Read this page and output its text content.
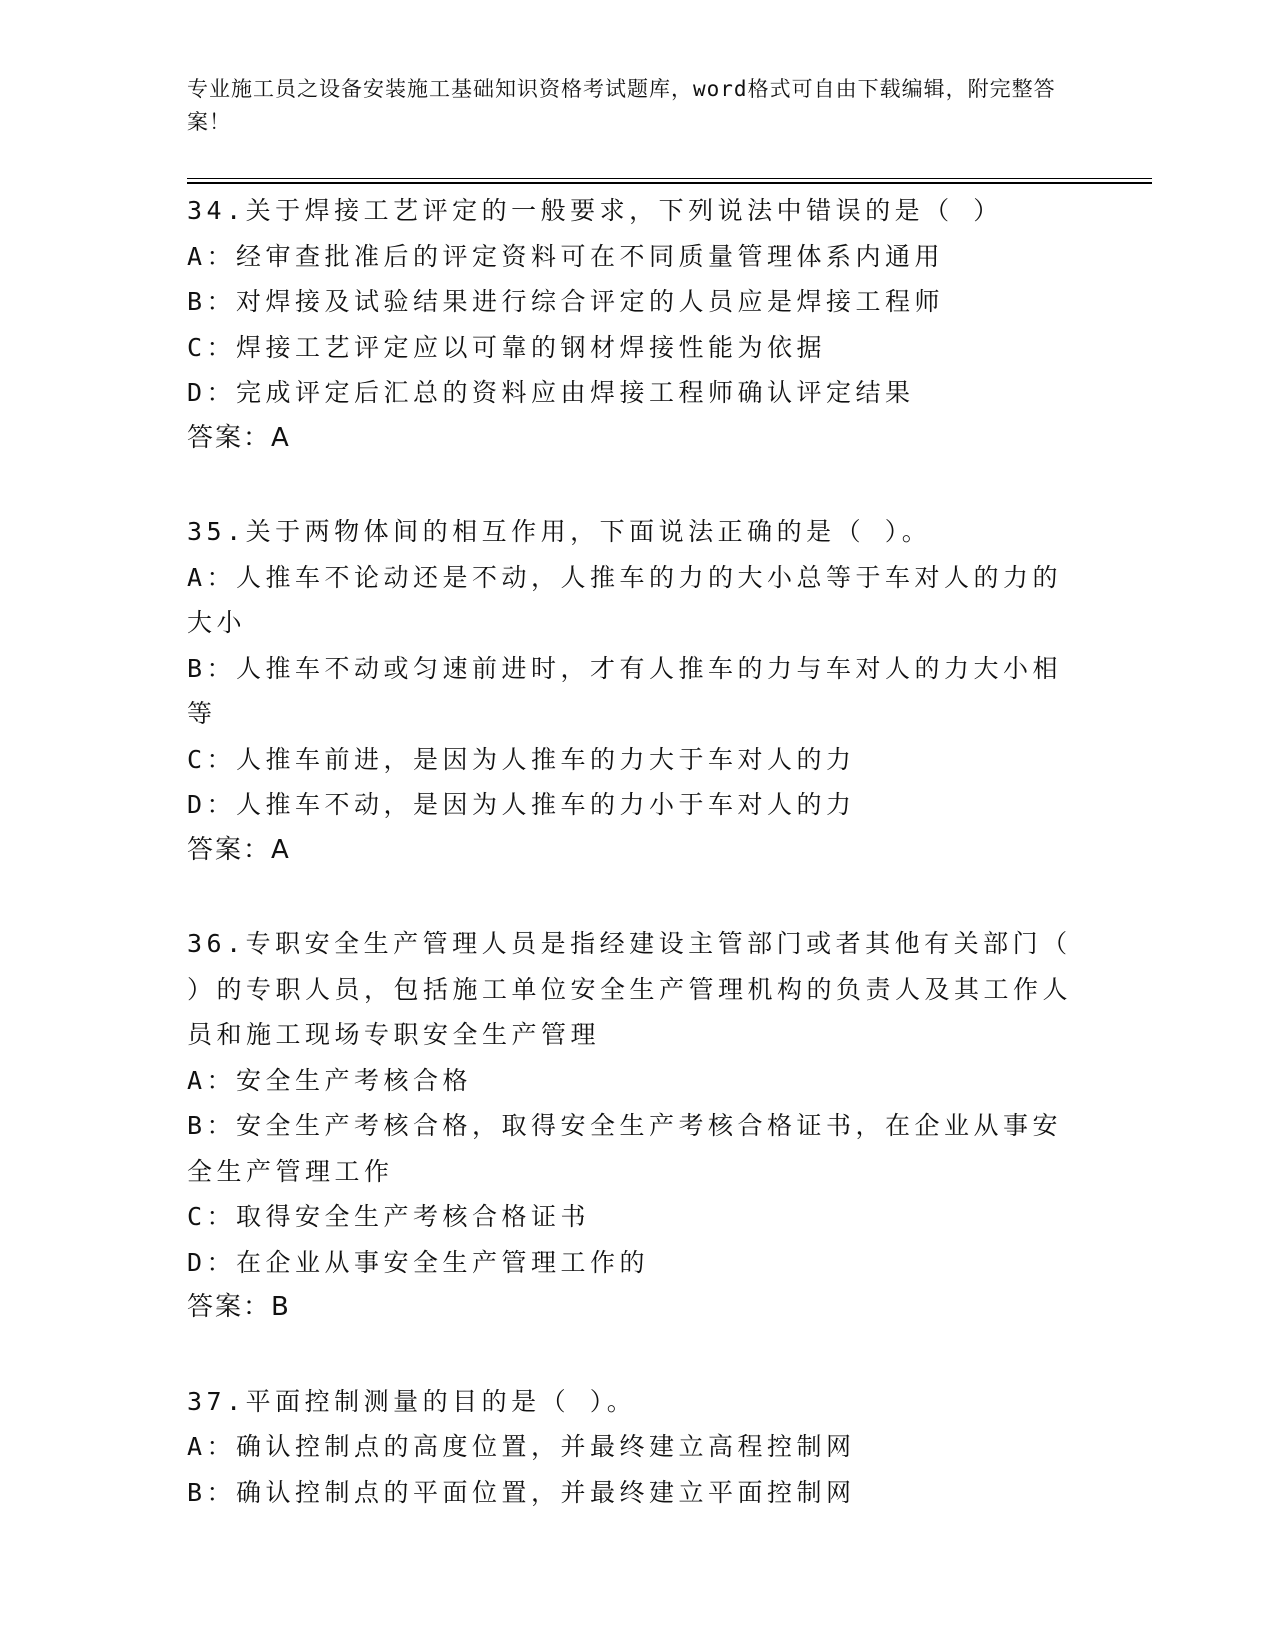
专业施工员之设备安装施工基础知识资格考试题库，word格式可自由下载编辑，附完整答案！
34.关于焊接工艺评定的一般要求，下列说法中错误的是（ ）
A：经审查批准后的评定资料可在不同质量管理体系内通用
B：对焊接及试验结果进行综合评定的人员应是焊接工程师
C：焊接工艺评定应以可靠的钢材焊接性能为依据
D：完成评定后汇总的资料应由焊接工程师确认评定结果
答案：A
35.关于两物体间的相互作用，下面说法正确的是（ ）。
A：人推车不论动还是不动，人推车的力的大小总等于车对人的力的大小
B：人推车不动或匀速前进时，才有人推车的力与车对人的力大小相等
C：人推车前进，是因为人推车的力大于车对人的力
D：人推车不动，是因为人推车的力小于车对人的力
答案：A
36.专职安全生产管理人员是指经建设主管部门或者其他有关部门（ ）的专职人员，包括施工单位安全生产管理机构的负责人及其工作人员和施工现场专职安全生产管理
A：安全生产考核合格
B：安全生产考核合格，取得安全生产考核合格证书，在企业从事安全生产管理工作
C：取得安全生产考核合格证书
D：在企业从事安全生产管理工作的
答案：B
37.平面控制测量的目的是（ ）。
A：确认控制点的高度位置，并最终建立高程控制网
B：确认控制点的平面位置，并最终建立平面控制网
